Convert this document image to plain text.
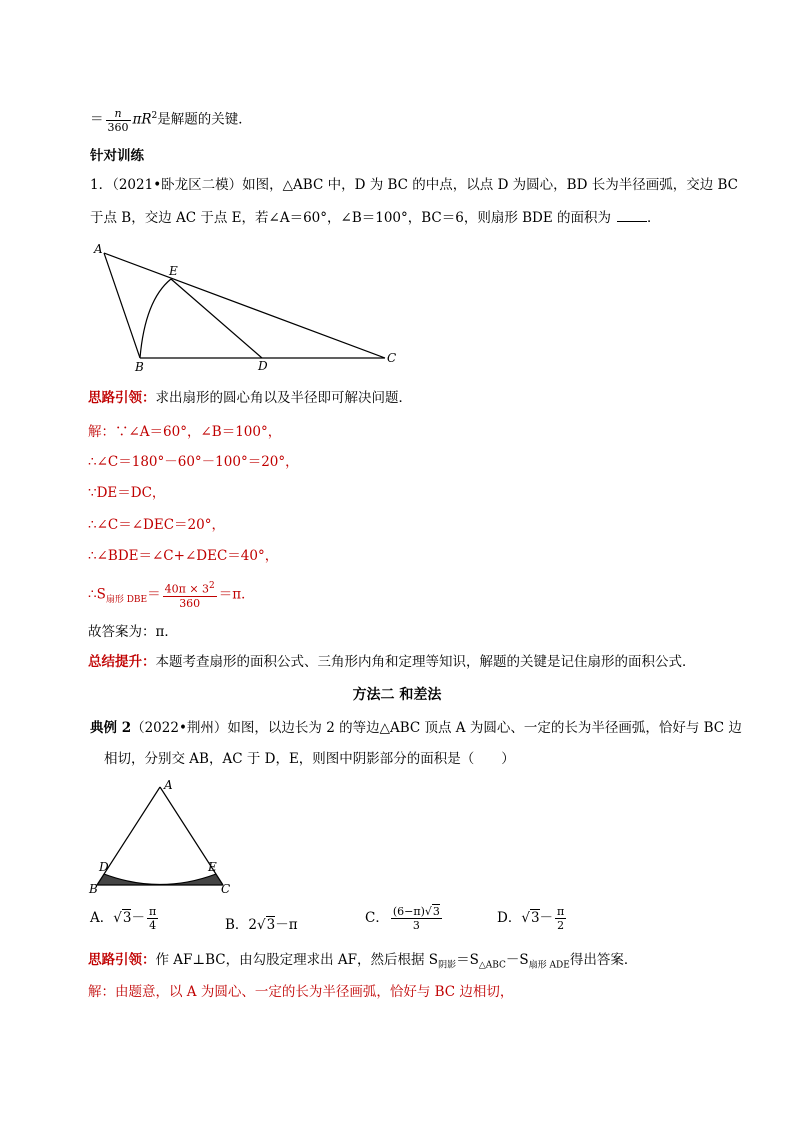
＝ $\frac{n}{360} \pi R^2$是解题的关键．
针对训练
1．（2021•卧龙区二模）如图，△ABC 中，D 为 BC 的中点，以点 D 为圆心，BD 长为半径画弧，交边 BC
于点 B，交边 AC 于点 E，若∠A＝60°，∠B＝100°，BC＝6，则扇形 BDE 的面积为	．
A
E
B	D
C
思路引领：求出扇形的圆心角以及半径即可解决问题．
解：∵∠A＝60°，∠B＝100°，
∴∠C＝180°－60°－100°＝20°，
∵DE＝DC，
∴∠C＝∠DEC＝20°，
∴∠BDE＝∠C+∠DEC＝40°，
$\therefore S_{扇形 DBE}= \frac{40\pi \times 3^2}{360} =\pi$．
故答案为：π．
总结提升：本题考查扇形的面积公式、三角形内角和定理等知识，解题的关键是记住扇形的面积公式．
方法二 和差法
典例 2（2022•荆州）如图，以边长为 2 的等边△ABC 顶点 A 为圆心、一定的长为半径画弧，恰好与 BC 边
相切，分别交 AB，AC 于 D，E，则图中阴影部分的面积是（　　）
A
D	E
B	C
A．$√3- \frac{\pi}{4}$	B．2√3－π	C． $\frac{(6-\pi)√3}{3}$	D．$√3- \frac{\pi}{2}$
思路引领：作 AF⊥BC，由勾股定理求出 AF，然后根据 $S_{阴影}=S_{\triangle ABC}-S_{扇形 ADE}$得出答案．
解：由题意，以 A 为圆心、一定的长为半径画弧，恰好与 BC 边相切，
